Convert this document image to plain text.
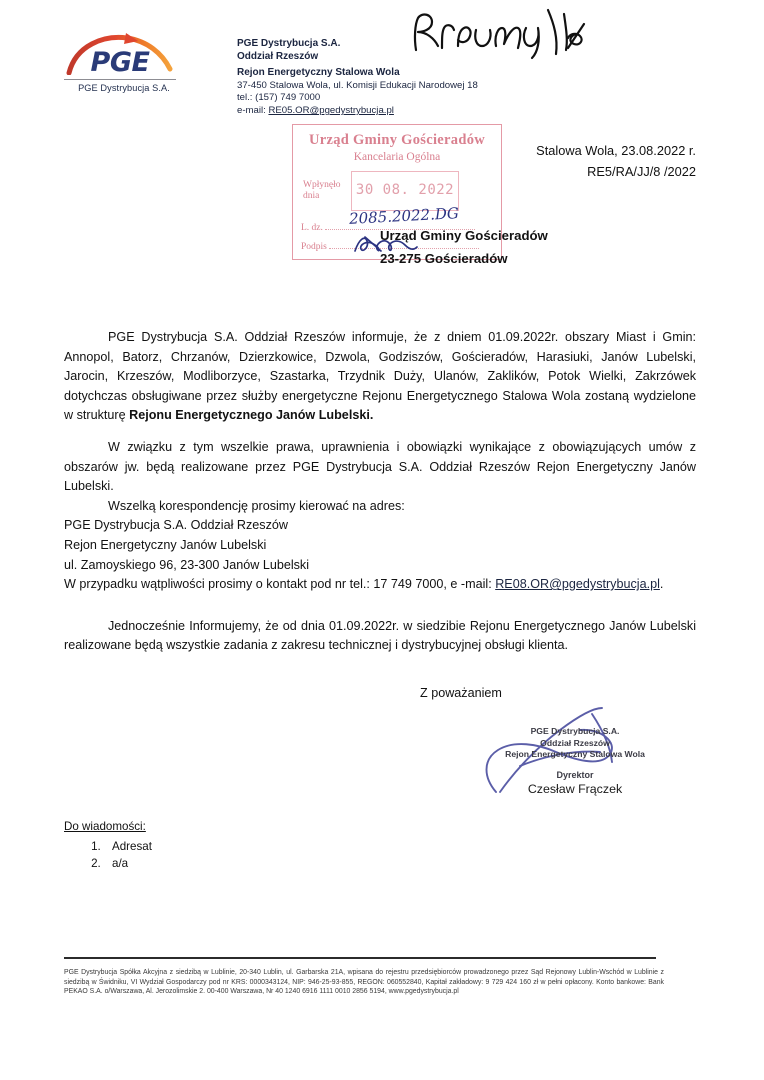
PGE
PGE Dystrybucja S.A.
PGE Dystrybucja S.A.
Oddział Rzeszów
Rejon Energetyczny Stalowa Wola
37-450 Stalowa Wola, ul. Komisji Edukacji Narodowej 18
tel.: (157) 749 7000
e-mail: RE05.OR@pgedystrybucja.pl
Urząd Gminy Gościeradów
Kancelaria Ogólna
Wpłynęło
dnia	30 08. 2022
L. dz.
Podpis
2085.2022.DG
Stalowa Wola, 23.08.2022 r.
RE5/RA/JJ/8 /2022
Urząd Gminy Gościeradów
23-275 Gościeradów

PGE Dystrybucja S.A. Oddział Rzeszów informuje, że z dniem 01.09.2022r. obszary Miast i Gmin: Annopol, Batorz, Chrzanów, Dzierzkowice, Dzwola, Godziszów, Gościeradów, Harasiuki, Janów Lubelski, Jarocin, Krzeszów, Modliborzyce, Szastarka, Trzydnik Duży, Ulanów, Zaklików, Potok Wielki, Zakrzówek dotychczas obsługiwane przez służby energetyczne Rejonu Energetycznego Stalowa Wola zostaną wydzielone w strukturę Rejonu Energetycznego Janów Lubelski.

W związku z tym wszelkie prawa, uprawnienia i obowiązki wynikające z obowiązujących umów z obszarów jw. będą realizowane przez PGE Dystrybucja S.A. Oddział Rzeszów Rejon Energetyczny Janów Lubelski.

Wszelką korespondencję prosimy kierować na adres:

PGE Dystrybucja S.A. Oddział Rzeszów

Rejon Energetyczny Janów Lubelski

ul. Zamoyskiego 96, 23-300 Janów Lubelski

W przypadku wątpliwości prosimy o kontakt pod nr tel.: 17 749 7000, e -mail: RE08.OR@pgedystrybucja.pl.

Jednocześnie Informujemy, że od dnia 01.09.2022r. w siedzibie Rejonu Energetycznego Janów Lubelski realizowane będą wszystkie zadania z zakresu technicznej i dystrybucyjnej obsługi klienta.

Z poważaniem
PGE Dystrybucja S.A.
Oddział Rzeszów
Rejon Energetyczny Stalowa Wola
Dyrektor
Czesław Frączek
Do wiadomości:
1. Adresat
2. a/a
PGE Dystrybucja Spółka Akcyjna z siedzibą w Lublinie, 20-340 Lublin, ul. Garbarska 21A, wpisana do rejestru przedsiębiorców prowadzonego przez Sąd Rejonowy Lublin-Wschód w Lublinie z siedzibą w Świdniku, VI Wydział Gospodarczy pod nr KRS: 0000343124, NIP: 946-25-93-855, REGON: 060552840, Kapitał zakładowy: 9 729 424 160 zł w pełni opłacony. Konto bankowe: Bank PEKAO S.A. o/Warszawa, Al. Jerozolimskie 2. 00-400 Warszawa, Nr 40 1240 6916 1111 0010 2856 5194, www.pgedystrybucja.pl
